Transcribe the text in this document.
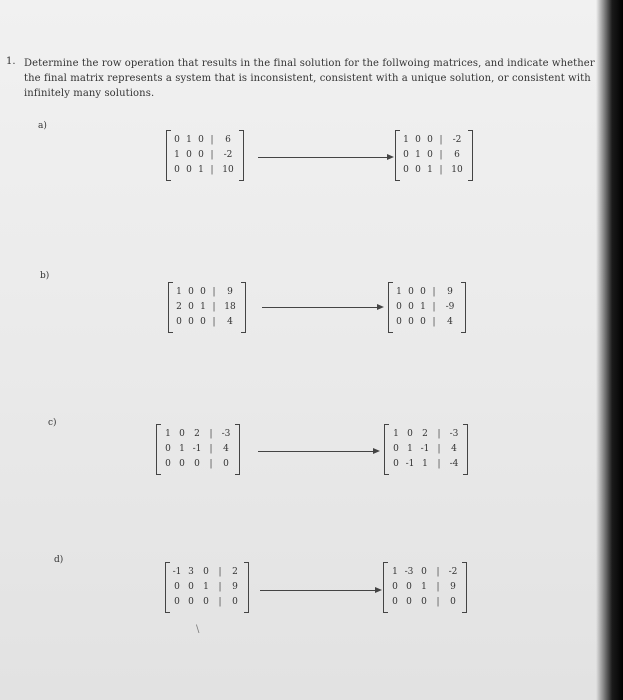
1. Determine the row operation that results in the final solution for the follwoing matrices, and indicate whether the final matrix represents a system that is inconsistent, consistent with a unique solution, or consistent with infinitely many solutions.

a)
0 1 0 |	6
1 0 0 |	-2
0 0 1 | 10
1 0 0 |	-2
0 1 0 |	6
0 0 1 | 10
b)
1 0 0 |	9
2 0 1 | 18
0 0 0 |	4
1 0 0 |	9
0 0 1 |	-9
0 0 0 |	4
c)
1 0	2	|	-3
0 1 -1 |	4
0 0	0	|	0
1 0	2	|	-3
0 1 -1 |	4
0 -1 1	|	-4
d)
-1 3	0	|	2
0 0	1	|	9
0 0	0	|	0
1 -3 0	|	-2
0 0	1	|	9
0 0	0	|	0
\
